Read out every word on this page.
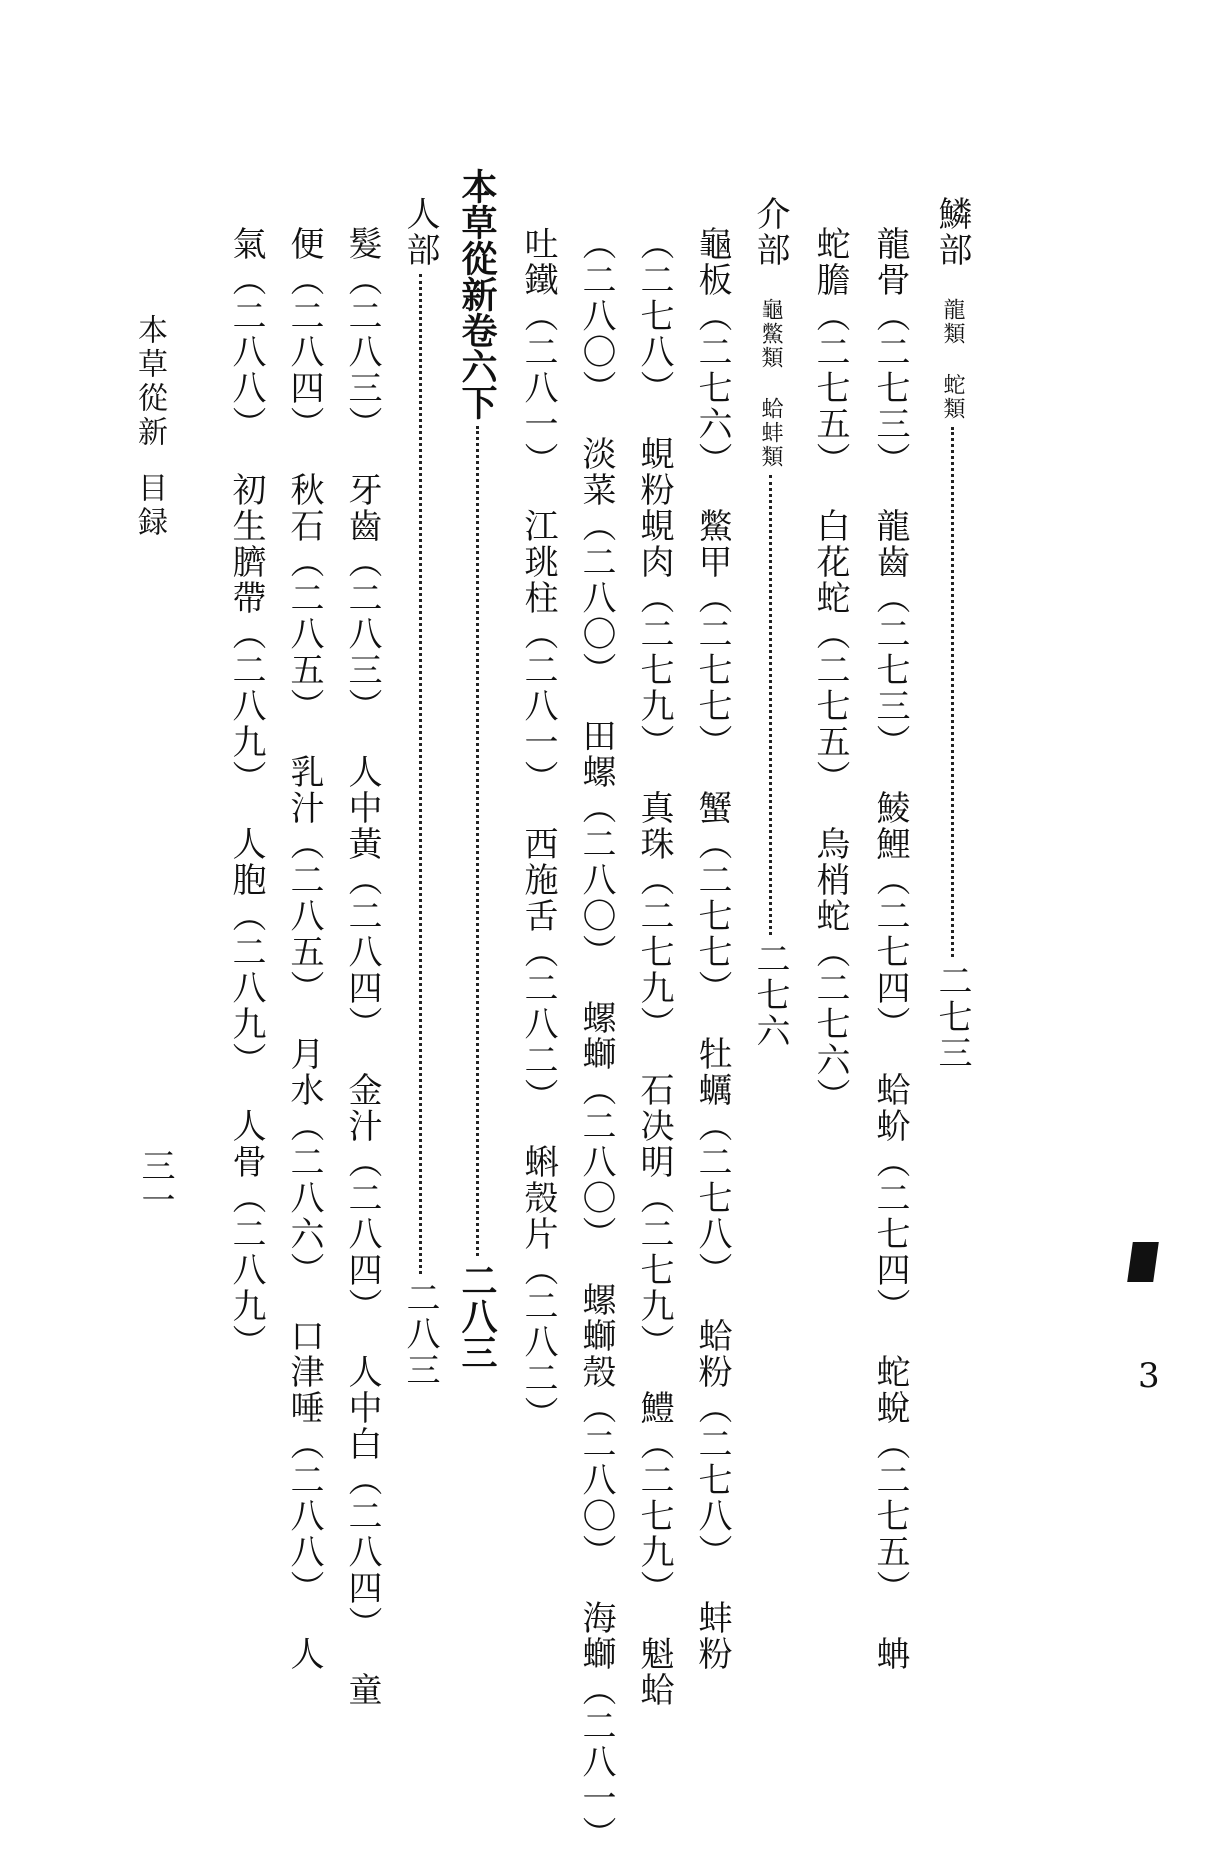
鱗部龍類 蛇類二七三
龍骨（二七三）龍齒（二七三）鯪鯉（二七四）蛤蚧（二七四）蛇蛻（二七五）蚺
蛇膽（二七五）白花蛇（二七五）烏梢蛇（二七六）
介部龜鱉類 蛤蚌類二七六
龜板（二七六）鱉甲（二七七）蟹（二七七）牡蠣（二七八）蛤粉（二七八）蚌粉
（二七八）蜆粉蜆肉（二七九）真珠（二七九）石决明（二七九）鱧（二七九）魁蛤
（二八〇）淡菜（二八〇）田螺（二八〇）螺螄（二八〇）螺螄殼（二八〇）海螄（二八一）
吐鐵（二八一）江珧柱（二八一）西施舌（二八二）蝌殼片（二八二）
本草從新卷六下二八三
人部二八三
髮（二八三）牙齒（二八三）人中黃（二八四）金汁（二八四）人中白（二八四）童
便（二八四）秋石（二八五）乳汁（二八五）月水（二八六）口津唾（二八八）人
氣（二八八）初生臍帶（二八九）人胞（二八九）人骨（二八九）
本草從新目録
三一
3
